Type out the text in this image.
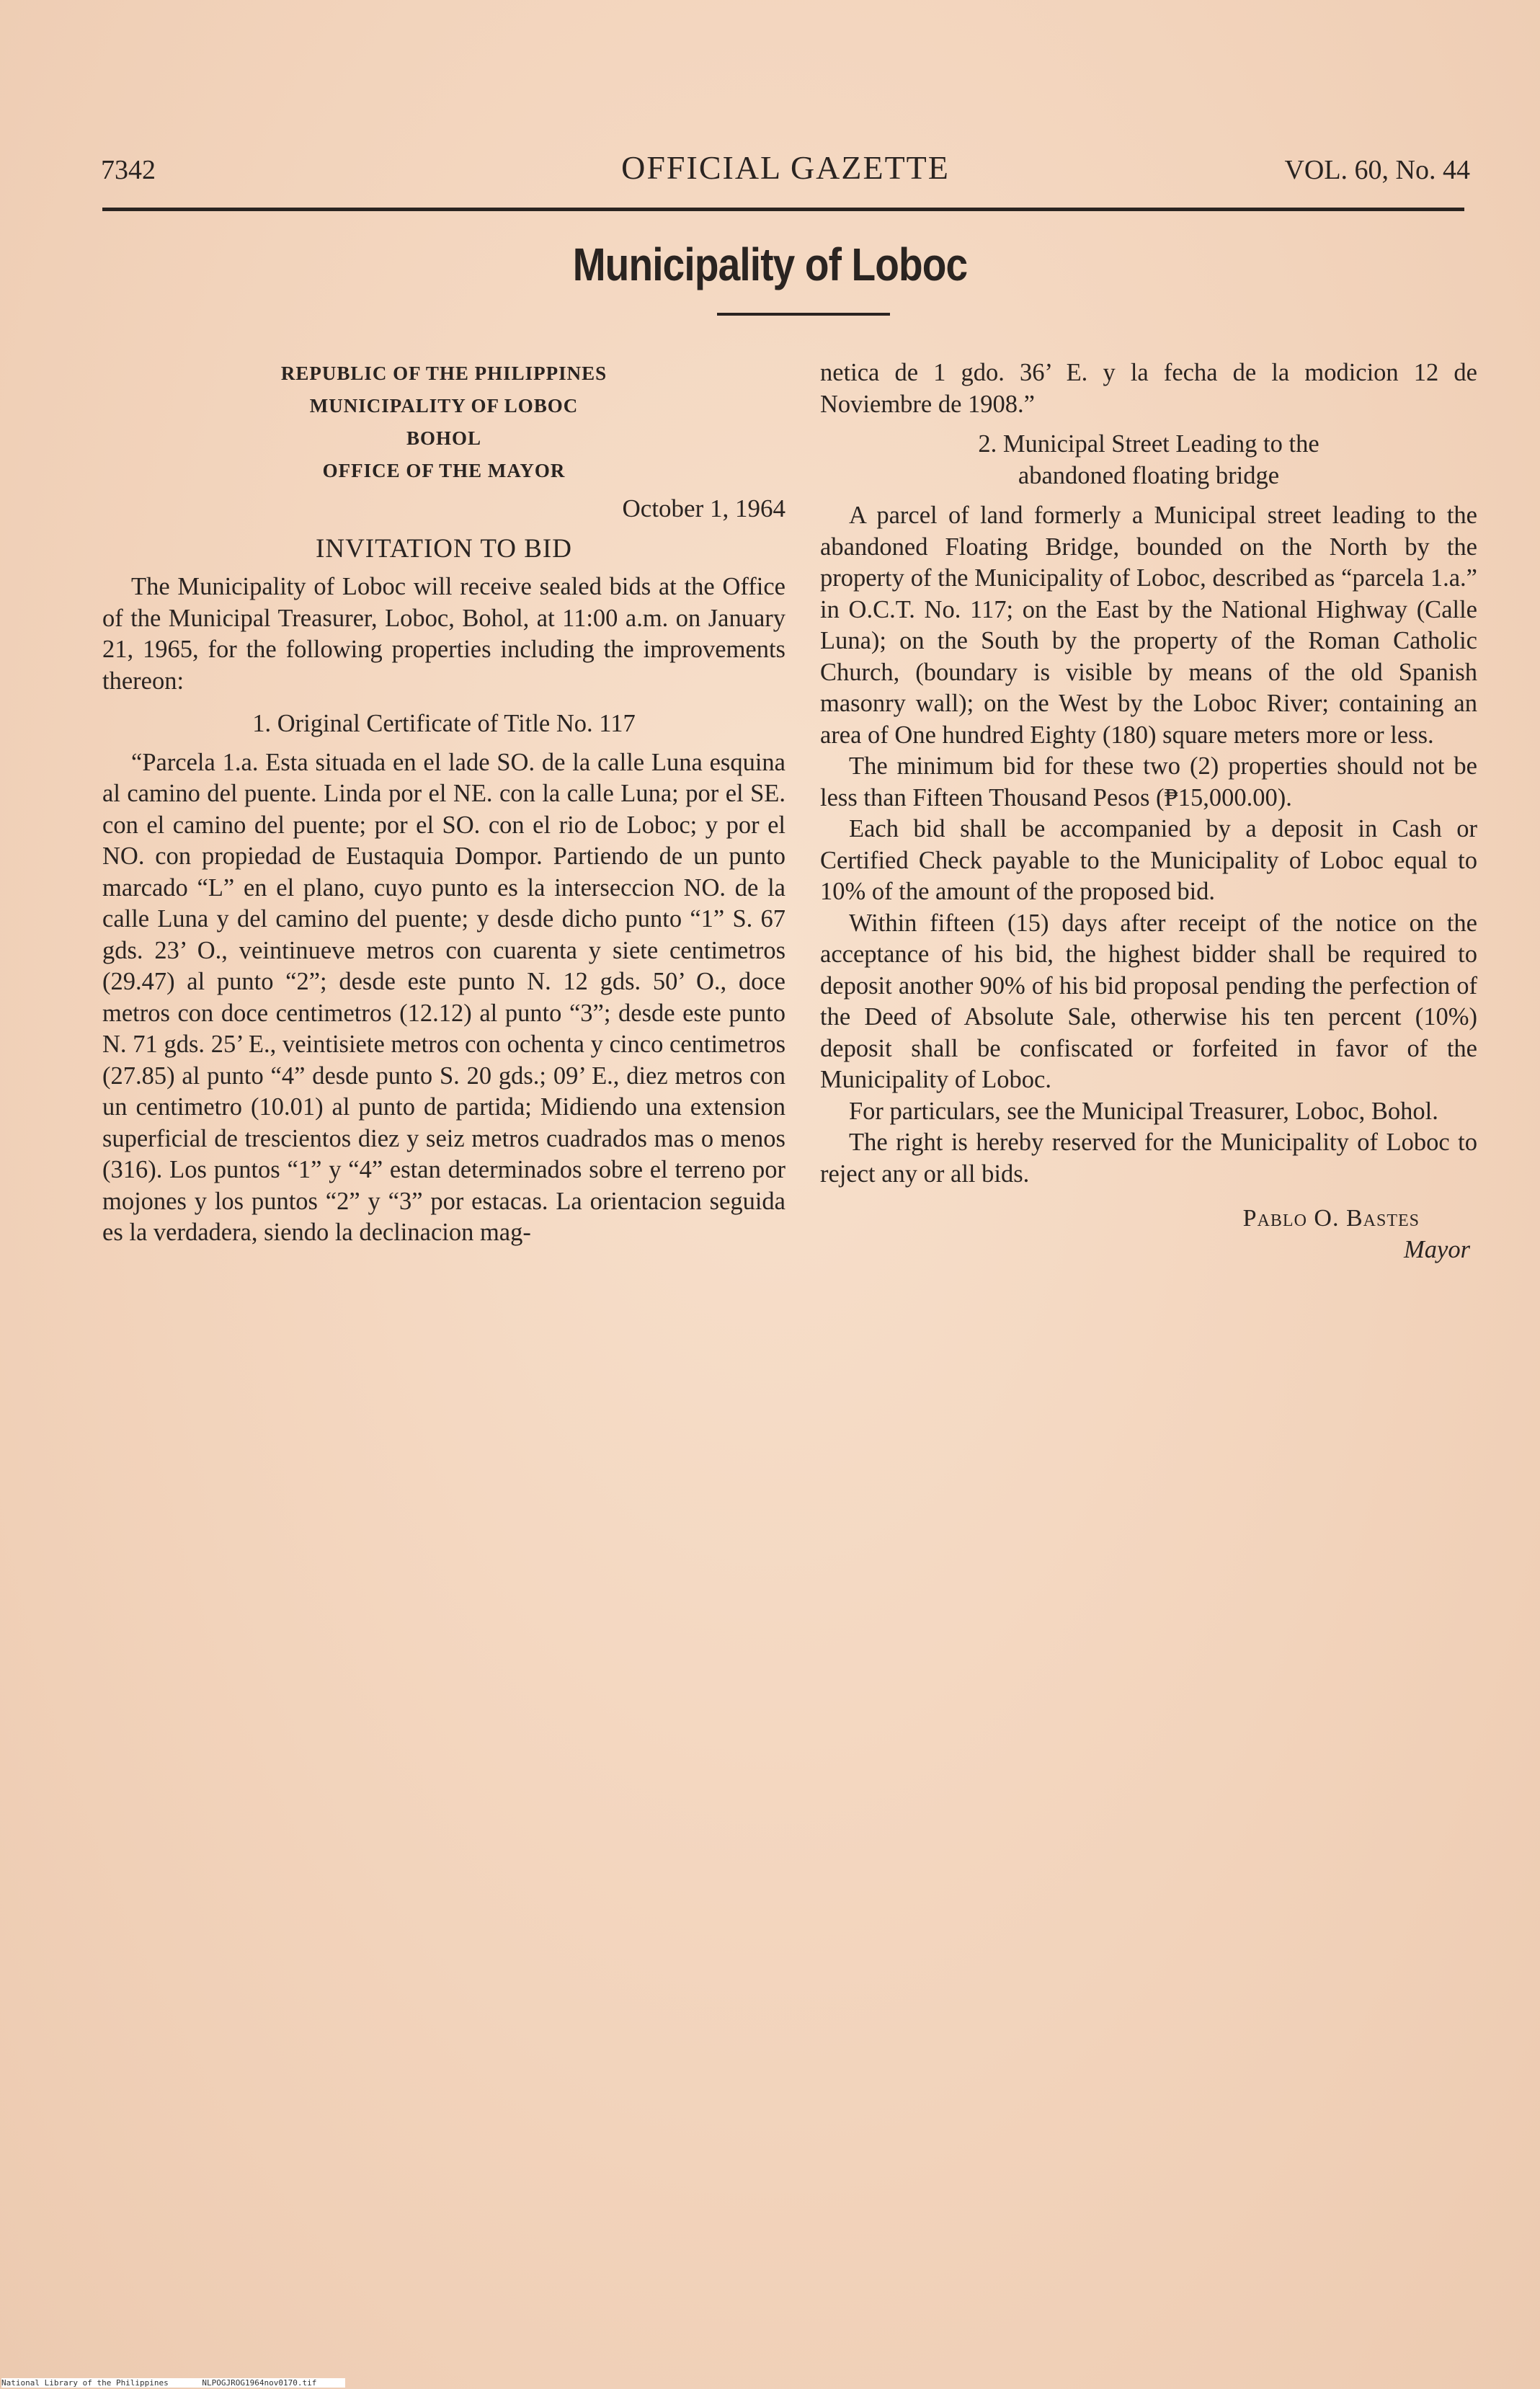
7342	OFFICIAL GAZETTE	VOL. 60, No. 44
Municipality of Loboc
REPUBLIC OF THE PHILIPPINES
MUNICIPALITY OF LOBOC
BOHOL
OFFICE OF THE MAYOR
October 1, 1964
INVITATION TO BID

The Municipality of Loboc will receive sealed bids at the Office of the Municipal Treasurer, Loboc, Bohol, at 11:00 a.m. on January 21, 1965, for the following properties including the improvements thereon:

1. Original Certificate of Title No. 117

“Parcela 1.a. Esta situada en el lade SO. de la calle Luna esquina al camino del puente. Linda por el NE. con la calle Luna; por el SE. con el camino del puente; por el SO. con el rio de Loboc; y por el NO. con propiedad de Eustaquia Dompor. Partiendo de un punto marcado “L” en el plano, cuyo punto es la interseccion NO. de la calle Luna y del camino del puente; y desde dicho punto “1” S. 67 gds. 23’ O., veintinueve metros con cuarenta y siete centimetros (29.47) al punto “2”; desde este punto N. 12 gds. 50’ O., doce metros con doce centimetros (12.12) al punto “3”; desde este punto N. 71 gds. 25’ E., veintisiete metros con ochenta y cinco centimetros (27.85) al punto “4” desde punto S. 20 gds.; 09’ E., diez metros con un centimetro (10.01) al punto de partida; Midiendo una extension superficial de trescientos diez y seiz metros cuadrados mas o menos (316). Los puntos “1” y “4” estan determinados sobre el terreno por mojones y los puntos “2” y “3” por estacas. La orientacion seguida es la verdadera, siendo la declinacion mag-

netica de 1 gdo. 36’ E. y la fecha de la modicion 12 de Noviembre de 1908.”

2. Municipal Street Leading to the
abandoned floating bridge

A parcel of land formerly a Municipal street leading to the abandoned Floating Bridge, bounded on the North by the property of the Municipality of Loboc, described as “parcela 1.a.” in O.C.T. No. 117; on the East by the National Highway (Calle Luna); on the South by the property of the Roman Catholic Church, (boundary is visible by means of the old Spanish masonry wall); on the West by the Loboc River; containing an area of One hundred Eighty (180) square meters more or less.

The minimum bid for these two (2) properties should not be less than Fifteen Thousand Pesos (₱15,000.00).

Each bid shall be accompanied by a deposit in Cash or Certified Check payable to the Municipality of Loboc equal to 10% of the amount of the proposed bid.

Within fifteen (15) days after receipt of the notice on the acceptance of his bid, the highest bidder shall be required to deposit another 90% of his bid proposal pending the perfection of the Deed of Absolute Sale, otherwise his ten percent (10%) deposit shall be confiscated or forfeited in favor of the Municipality of Loboc.

For particulars, see the Municipal Treasurer, Loboc, Bohol.

The right is hereby reserved for the Municipality of Loboc to reject any or all bids.

Pablo O. Bastes
Mayor
National Library of the Philippines	NLPOGJROG1964nov0170.tif
